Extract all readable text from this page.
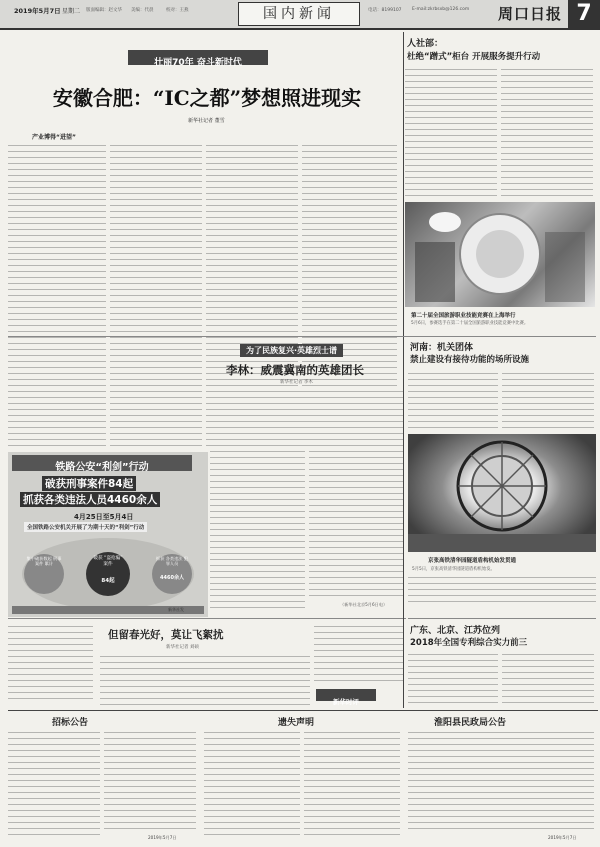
2019年5月7日 星期二 版面编辑：赵文华 美编：代晨	校对：王燕	国内新闻	电话：8199107 E-mail:zkrbsxb@126.com 周口日报 7
壮丽70年 奋斗新时代
安徽合肥：“IC之都”梦想照进现实
新华社记者 董雪
产业博得“进望”
人社部：
杜绝“蹭式”柜台 开展服务提升行动
第二十届全国旅游职业技能竞赛在上海举行
5月6日，参赛选手在第二十届全国旅游职业技能竞赛中比赛。
铁路公安“利剑”行动
破获刑事案件84起
抓获各类违法人员4460余人
4月25日至5月4日
全国铁路公安机关开展了为期十天的“利剑”行动
集中破获数起 刑事案件 累计
破获 “盗抢骗” 案件
84起
抓获 各类违法 犯罪人员
4460余人
新华社发
为了民族复兴·英雄烈士谱
李林：威震冀南的英雄团长
新华社记者 李木
（新华社北京5月6日电）
河南：机关团体
禁止建设有接待功能的场所设施
京张高铁清华园隧道盾构机始发贯通
5月5日，京张高铁清华园隧道盾构机始发。
但留春光好，莫让飞絮扰
新华社记者 刘硕
新华时评
广东、北京、江苏位列
2018年全国专利综合实力前三
招标公告
2019年5月7日
遗失声明	淮阳县民政局公告
2019年5月7日
